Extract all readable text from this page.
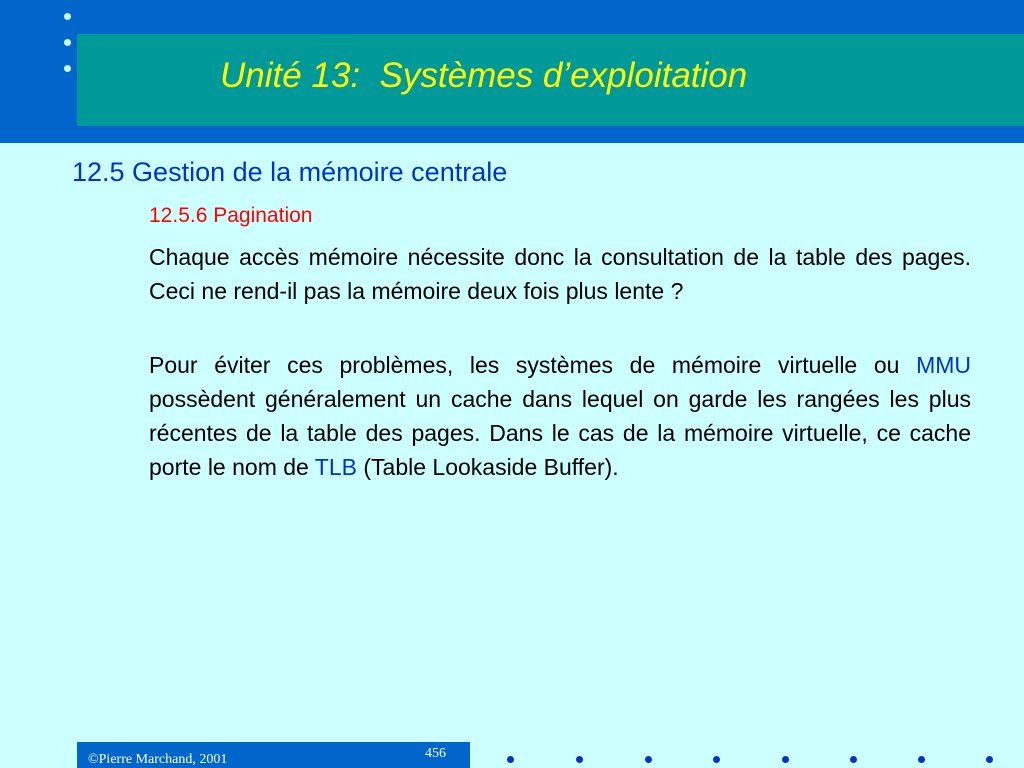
Unité 13:  Systèmes d’exploitation
12.5 Gestion de la mémoire centrale
12.5.6 Pagination
Chaque accès mémoire nécessite donc la consultation de la table des pages. Ceci ne rend-il pas la mémoire deux fois plus lente ?
Pour éviter ces problèmes, les systèmes de mémoire virtuelle ou MMU possèdent généralement un cache dans lequel on garde les rangées les plus récentes de la table des pages. Dans le cas de la mémoire virtuelle, ce cache porte le nom de TLB (Table Lookaside Buffer).
©Pierre Marchand, 2001	456
